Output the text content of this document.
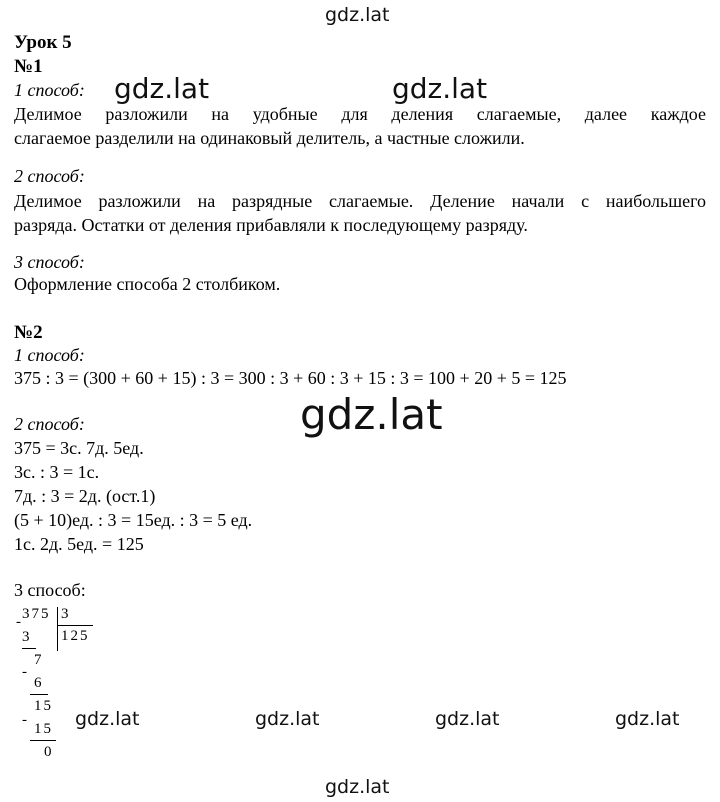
gdz.lat
gdz.lat
gdz.lat	gdz.lat	gdz.lat	gdz.lat
gdz.lat
Урок 5
№1
1 способ: gdz.lat	gdz.lat
Делимое разложили на удобные для деления слагаемые, далее каждое
слагаемое разделили на одинаковый делитель, а частные сложили.
2 способ:
Делимое разложили на разрядные слагаемые. Деление начали с наибольшего
разряда. Остатки от деления прибавляли к последующему разряду.
3 способ:
Оформление способа 2 столбиком.
№2
1 способ:
375 : 3 = (300 + 60 + 15) : 3 = 300 : 3 + 60 : 3 + 15 : 3 = 100 + 20 + 5 = 125
2 способ:
375 = 3с. 7д. 5ед.
3с. : 3 = 1с.
7д. : 3 = 2д. (ост.1)
(5 + 10)ед. : 3 = 15ед. : 3 = 5 ед.
1с. 2д. 5ед. = 125
3 способ:
375 3
125
-
3
7
-
6
15
-
15
0
